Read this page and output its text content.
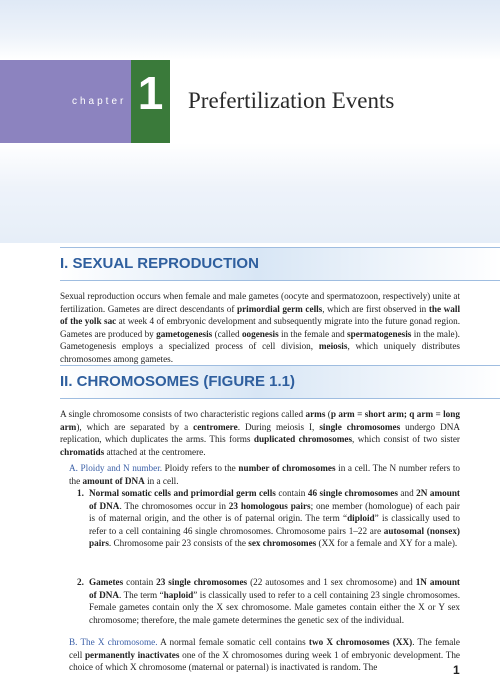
chapter 1 Prefertilization Events
I. SEXUAL REPRODUCTION
Sexual reproduction occurs when female and male gametes (oocyte and spermatozoon, respectively) unite at fertilization. Gametes are direct descendants of primordial germ cells, which are first observed in the wall of the yolk sac at week 4 of embryonic development and subsequently migrate into the future gonad region. Gametes are produced by gametogenesis (called oogenesis in the female and spermatogenesis in the male). Gametogenesis employs a specialized process of cell division, meiosis, which uniquely distributes chromosomes among gametes.
II. CHROMOSOMES (FIGURE 1.1)
A single chromosome consists of two characteristic regions called arms (p arm = short arm; q arm = long arm), which are separated by a centromere. During meiosis I, single chromosomes undergo DNA replication, which duplicates the arms. This forms duplicated chromosomes, which consist of two sister chromatids attached at the centromere.
A. Ploidy and N number. Ploidy refers to the number of chromosomes in a cell. The N number refers to the amount of DNA in a cell.
1. Normal somatic cells and primordial germ cells contain 46 single chromosomes and 2N amount of DNA. The chromosomes occur in 23 homologous pairs; one member (homologue) of each pair is of maternal origin, and the other is of paternal origin. The term “diploid” is classically used to refer to a cell containing 46 single chromosomes. Chromosome pairs 1–22 are autosomal (nonsex) pairs. Chromosome pair 23 consists of the sex chromosomes (XX for a female and XY for a male).
2. Gametes contain 23 single chromosomes (22 autosomes and 1 sex chromosome) and 1N amount of DNA. The term “haploid” is classically used to refer to a cell containing 23 single chromosomes. Female gametes contain only the X sex chromosome. Male gametes contain either the X or Y sex chromosome; therefore, the male gamete determines the genetic sex of the individual.
B. The X chromosome. A normal female somatic cell contains two X chromosomes (XX). The female cell permanently inactivates one of the X chromosomes during week 1 of embryonic development. The choice of which X chromosome (maternal or paternal) is inactivated is random. The	1
